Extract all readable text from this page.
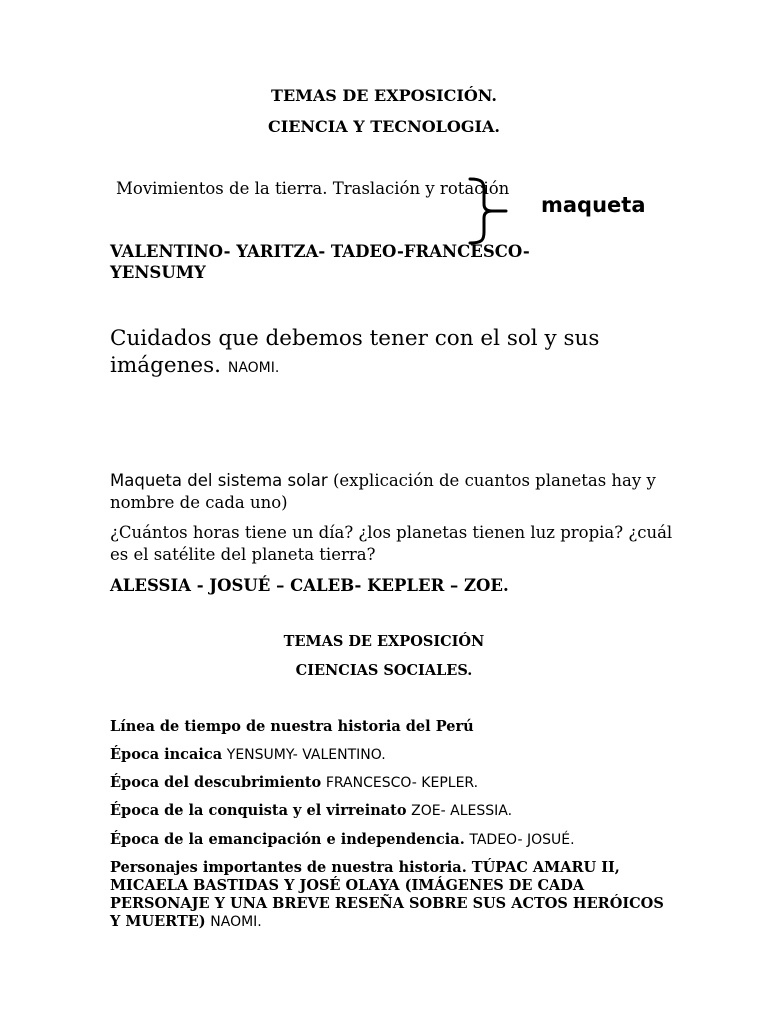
TEMAS DE EXPOSICIÓN.
CIENCIA Y TECNOLOGIA.
Movimientos de la tierra. Traslación y rotación
maqueta
VALENTINO- YARITZA- TADEO-FRANCESCO- YENSUMY
Cuidados que debemos tener con el sol y sus imágenes. NAOMI.
Maqueta del sistema solar (explicación de cuantos planetas hay y nombre de cada uno)
¿Cuántos horas tiene un día? ¿los planetas tienen luz propia? ¿cuál es el satélite del planeta tierra?
ALESSIA - JOSUÉ – CALEB- KEPLER – ZOE.
TEMAS DE EXPOSICIÓN
CIENCIAS SOCIALES.
Línea de tiempo de nuestra historia del Perú
Época incaica YENSUMY- VALENTINO.
Época del descubrimiento FRANCESCO- KEPLER.
Época de la conquista y el virreinato ZOE- ALESSIA.
Época de la emancipación e independencia. TADEO- JOSUÉ.
Personajes importantes de nuestra historia. TÚPAC AMARU II, MICAELA BASTIDAS Y JOSÉ OLAYA (IMÁGENES DE CADA PERSONAJE Y UNA BREVE RESEÑA SOBRE SUS ACTOS HERÓICOS Y MUERTE) NAOMI.
